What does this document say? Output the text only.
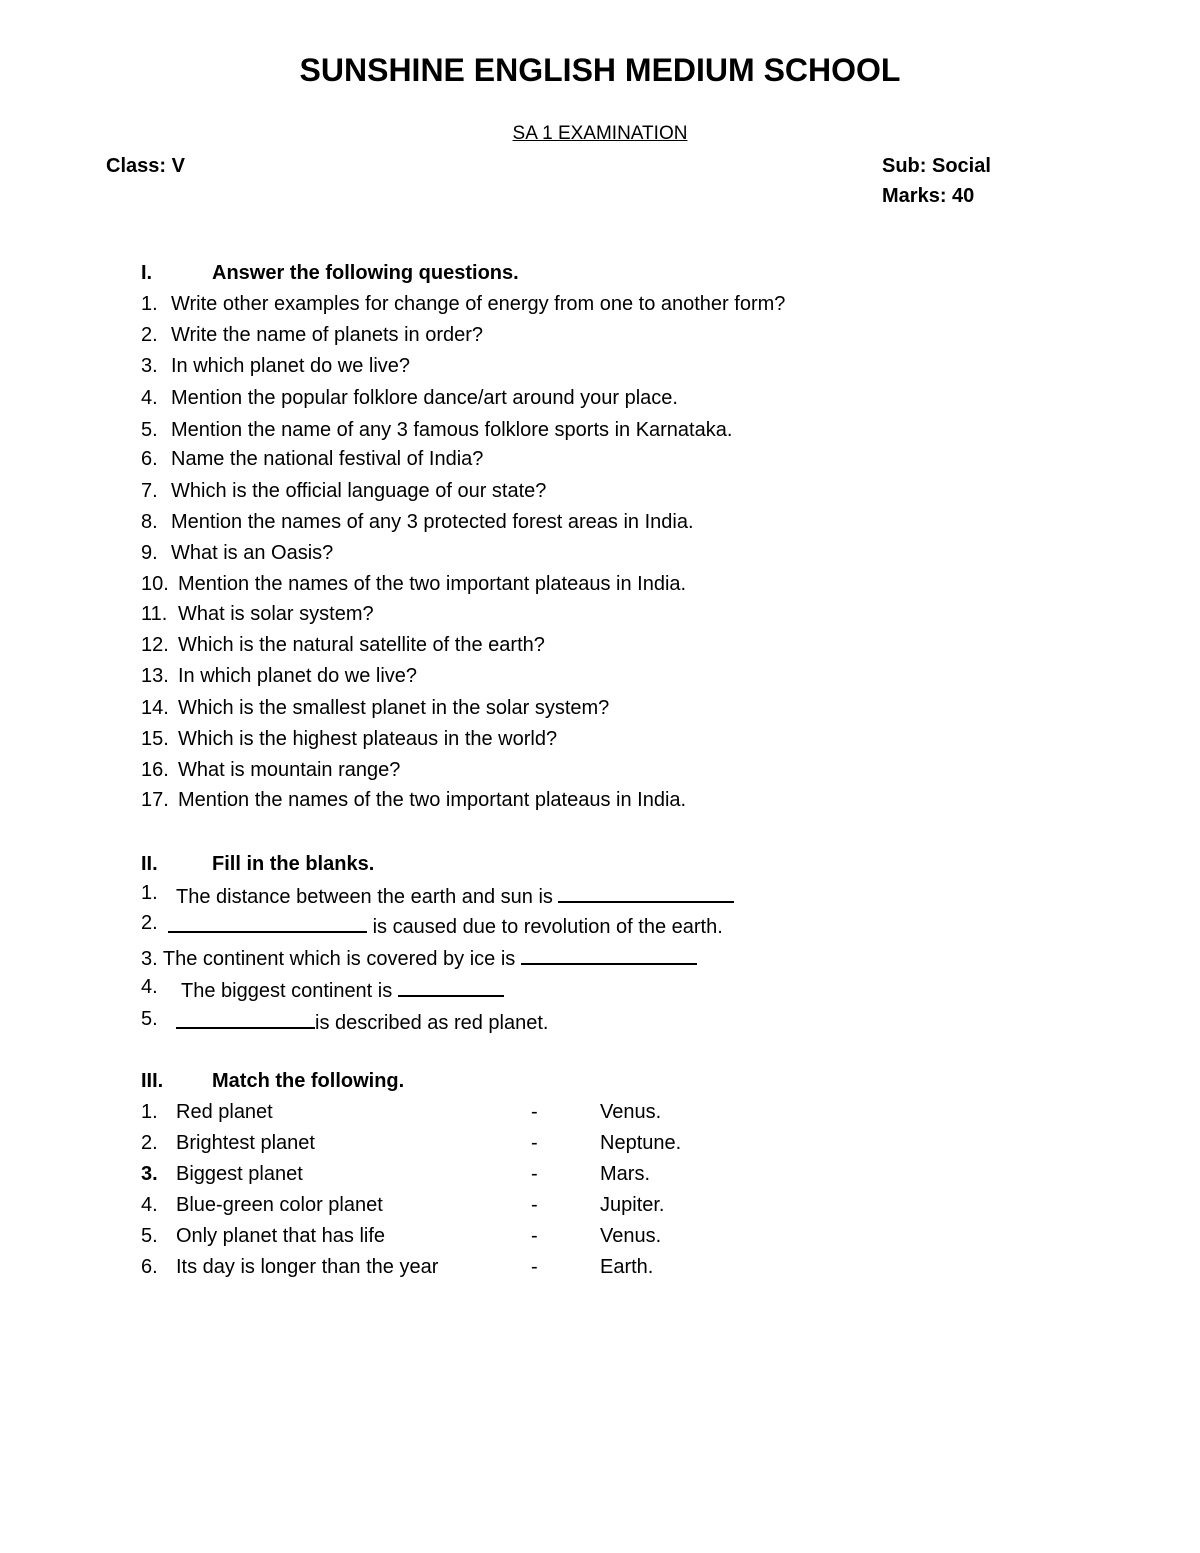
SUNSHINE ENGLISH MEDIUM SCHOOL
SA 1 EXAMINATION
Class: V	Sub: Social
Marks: 40
I.	Answer the following questions.
1. Write other examples for change of energy from one to another form?
2. Write the name of planets in order?
3. In which planet do we live?
4. Mention the popular folklore dance/art around your place.
5. Mention the name of any 3 famous folklore sports in Karnataka.
6. Name the national festival of India?
7. Which is the official language of our state?
8. Mention the names of any 3 protected forest areas in India.
9. What is an Oasis?
10. Mention the names of the two important plateaus in India.
11. What is solar system?
12. Which is the natural satellite of the earth?
13. In which planet do we live?
14. Which is the smallest planet in the solar system?
15. Which is the highest plateaus in the world?
16. What is mountain range?
17. Mention the names of the two important plateaus in India.
II.	Fill in the blanks.
1. The distance between the earth and sun is
2.	is caused due to revolution of the earth.
3. The continent which is covered by ice is
4. The biggest continent is
5.	is described as red planet.
III. Match the following.
1. Red planet	-	Venus.
2. Brightest planet	-	Neptune.
3. Biggest planet	-	Mars.
4. Blue-green color planet	-	Jupiter.
5. Only planet that has life	-	Venus.
6. Its day is longer than the year	-	Earth.
